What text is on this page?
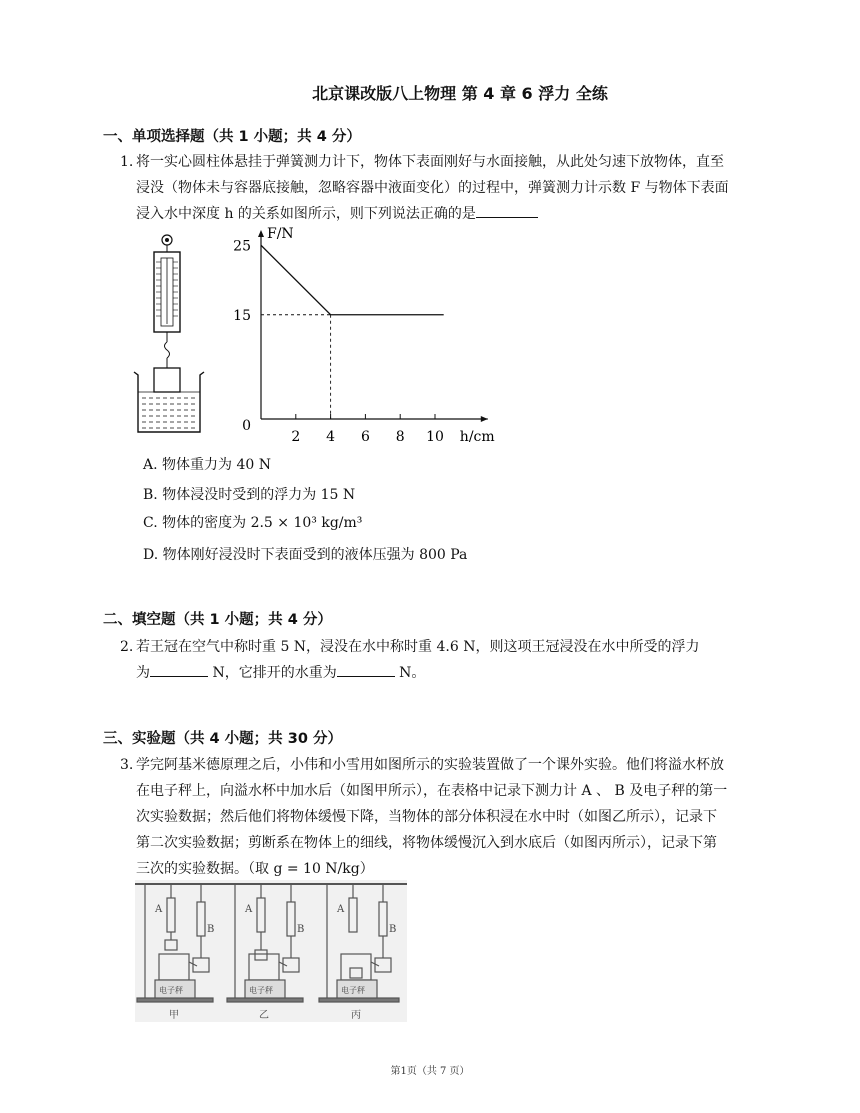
北京课改版八上物理 第 4 章 6 浮力 全练
一、单项选择题（共 1 小题；共 4 分）
1. 将一实心圆柱体悬挂于弹簧测力计下，物体下表面刚好与水面接触，从此处匀速下放物体，直至
浸没（物体未与容器底接触，忽略容器中液面变化）的过程中，弹簧测力计示数 F 与物体下表面
浸入水中深度 h 的关系如图所示，则下列说法正确的是
2 4 6 8 10
0
15
25
F/N
h/cm
A. 物体重力为 40 N
B. 物体浸没时受到的浮力为 15 N
C. 物体的密度为 2.5 × 10³ kg/m³
D. 物体刚好浸没时下表面受到的液体压强为 800 Pa
二、填空题（共 1 小题；共 4 分）
2. 若王冠在空气中称时重 5 N，浸没在水中称时重 4.6 N，则这项王冠浸没在水中所受的浮力
为	N，它排开的水重为	N。
三、实验题（共 4 小题；共 30 分）
3. 学完阿基米德原理之后，小伟和小雪用如图所示的实验装置做了一个课外实验。他们将溢水杯放
在电子秤上，向溢水杯中加水后（如图甲所示），在表格中记录下测力计 A 、 B 及电子秤的第一
次实验数据；然后他们将物体缓慢下降，当物体的部分体积浸在水中时（如图乙所示），记录下
第二次实验数据；剪断系在物体上的细线，将物体缓慢沉入到水底后（如图丙所示），记录下第
三次的实验数据。（取 g = 10 N/kg）
A
B
A
B
A
B
电子秤	电子秤	电子秤
甲	乙	丙
第1页（共 7 页）
